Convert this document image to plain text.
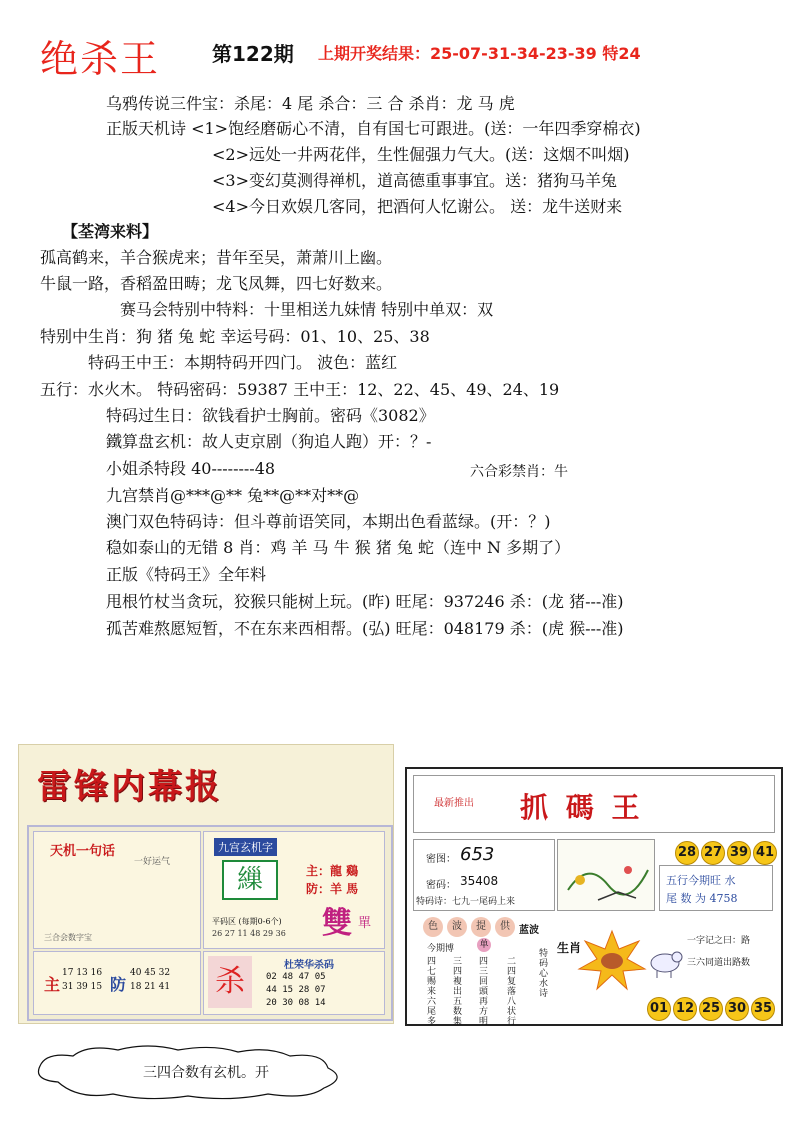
绝杀王	第122期 上期开奖结果：25-07-31-34-23-39 特24
乌鸦传说三件宝：杀尾：4 尾 杀合：三 合 杀肖：龙 马 虎
正版天机诗 <1>饱经磨砺心不清，自有国七可跟进。(送：一年四季穿棉衣)
<2>远处一井两花伴，生性倔强力气大。(送：这烟不叫烟)
<3>变幻莫测得禅机，道高德重事事宜。送：猪狗马羊兔
<4>今日欢娱几客同，把酒何人忆谢公。 送：龙牛送财来
【荃湾来料】
孤高鹤来，羊合猴虎来；昔年至吴，萧萧川上幽。
牛鼠一路，香稻盈田畴；龙飞凤舞，四七好数来。
赛马会特别中特料：十里相送九妹情 特别中单双：双
特别中生肖：狗 猪 兔 蛇 幸运号码：01、10、25、38
特码王中王：本期特码开四门。 波色：蓝红
五行：水火木。 特码密码：59387 王中王：12、22、45、49、24、19
特码过生日：欲钱看护士胸前。密码《3082》
鐵算盘玄机：故人吏京剧（狗追人跑）开：？-
小姐杀特段 40--------48	六合彩禁肖：牛
九宫禁肖@***@** 兔**@**对**@
澳门双色特码诗：但斗尊前语笑同，本期出色看蓝绿。(开：？)
稳如泰山的无错 8 肖：鸡 羊 马 牛 猴 猪 兔 蛇（连中 N 多期了）
正版《特码王》全年料
甩根竹杖当贪玩，狡猴只能树上玩。(昨) 旺尾：937246 杀：(龙 猪---准)
孤苦难熬愿短暂，不在东来西相帮。(弘) 旺尾：048179 杀：(虎 猴---准)
雷锋内幕报
天机一句话
一好运气
三合会数字宝
九宫玄机字
繅	主：龍 鷄
防：羊 馬
雙 單
平码区 (每期0-6个)
26 27 11 48 29 36
主
17 13 16
31 39 15 防
40 45 32
18 21 41 杀	杜荣华杀码
02 48 47 05
44 15 28 07
20 30 08 14
最新推出 抓 碼 王
28 27 39 41
密图： 653
密码： 35408
特码诗：七九一尾码上来
五行今期旺 水
尾 数 为 4758
色	波	提	供 蓝波
今期博	单
四七赐来六尾多
三四複出五数集
四三回頭再方明
二四复落八状行
特码心水诗
生肖	一字记之曰：路
三六同道出路数
01 12 25 30 35
三四合数有玄机。开
